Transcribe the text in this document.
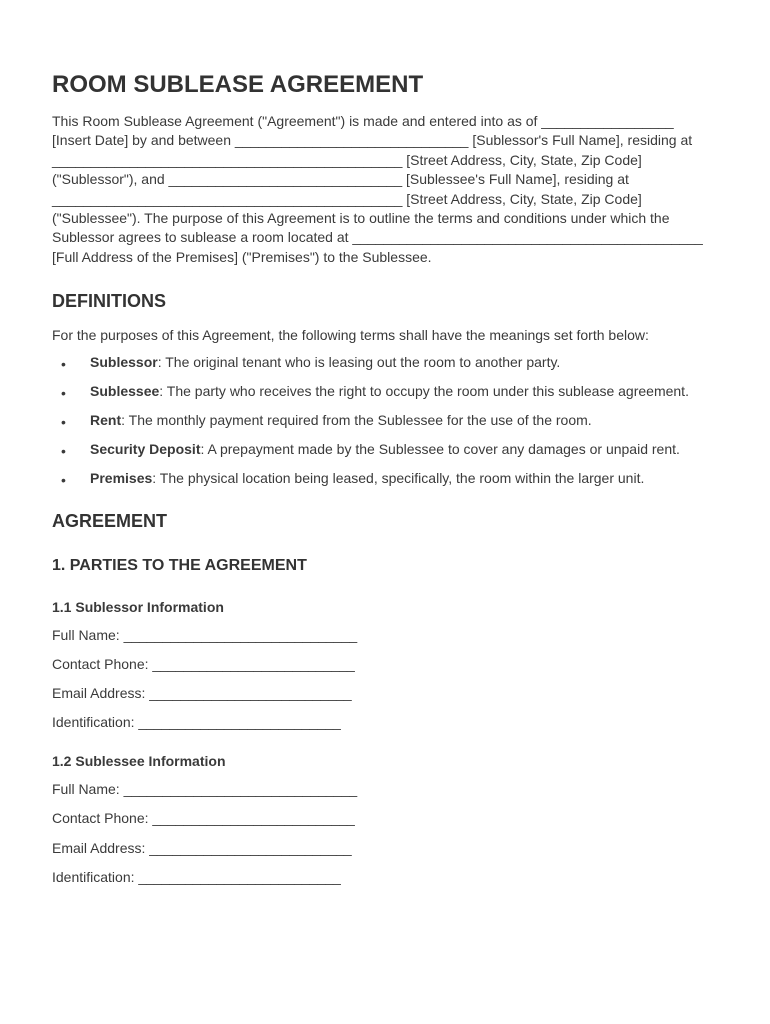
ROOM SUBLEASE AGREEMENT

This Room Sublease Agreement ("Agreement") is made and entered into as of _________________ [Insert Date] by and between ______________________________ [Sublessor's Full Name], residing at _____________________________________________ [Street Address, City, State, Zip Code] ("Sublessor"), and ______________________________ [Sublessee's Full Name], residing at _____________________________________________ [Street Address, City, State, Zip Code] ("Sublessee"). The purpose of this Agreement is to outline the terms and conditions under which the Sublessor agrees to sublease a room located at _____________________________________________ [Full Address of the Premises] ("Premises") to the Sublessee.

DEFINITIONS

For the purposes of this Agreement, the following terms shall have the meanings set forth below:

• Sublessor: The original tenant who is leasing out the room to another party.
• Sublessee: The party who receives the right to occupy the room under this sublease agreement.
• Rent: The monthly payment required from the Sublessee for the use of the room.
• Security Deposit: A prepayment made by the Sublessee to cover any damages or unpaid rent.
• Premises: The physical location being leased, specifically, the room within the larger unit.
AGREEMENT
1. PARTIES TO THE AGREEMENT
1.1 Sublessor Information
Full Name: ______________________________
Contact Phone: __________________________
Email Address: __________________________
Identification: __________________________
1.2 Sublessee Information
Full Name: ______________________________
Contact Phone: __________________________
Email Address: __________________________
Identification: __________________________
